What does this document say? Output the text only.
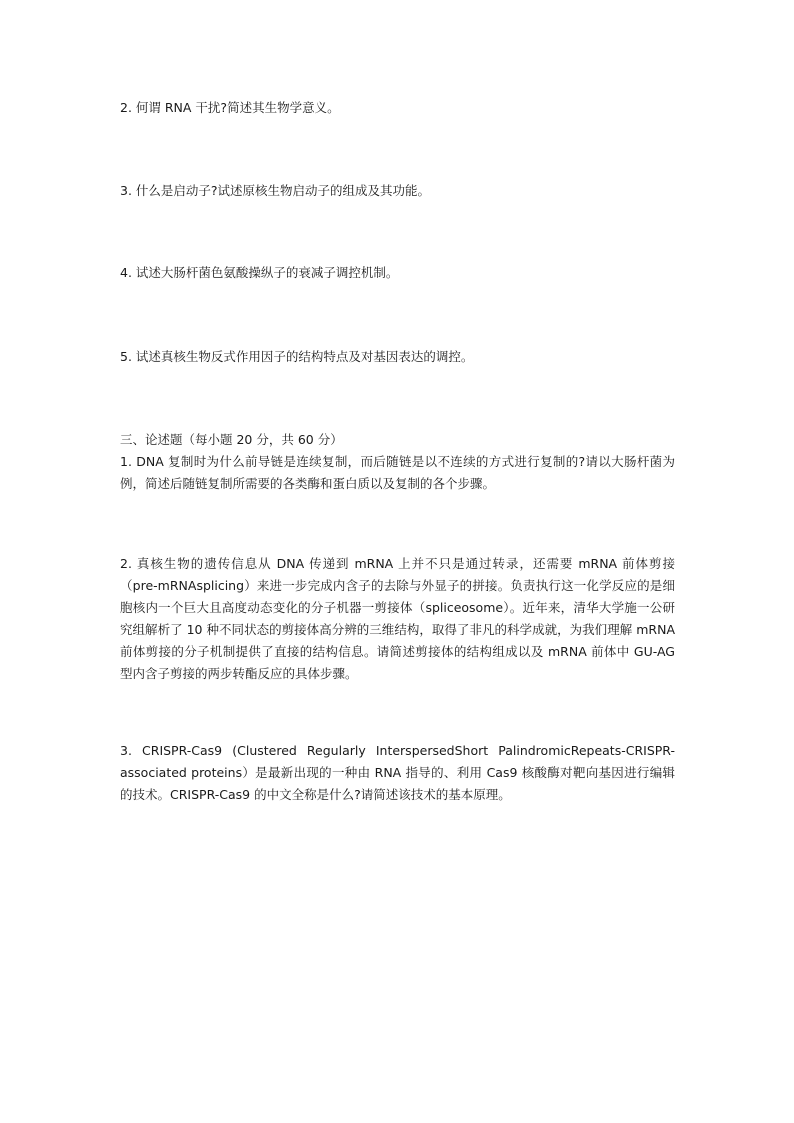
2. 何谓 RNA 干扰?简述其生物学意义。

3. 什么是启动子?试述原核生物启动子的组成及其功能。

4. 试述大肠杆菌色氨酸操纵子的衰减子调控机制。

5. 试述真核生物反式作用因子的结构特点及对基因表达的调控。

三、论述题（每小题 20 分，共 60 分）

1. DNA 复制时为什么前导链是连续复制，而后随链是以不连续的方式进行复制的?请以大肠杆菌为例，简述后随链复制所需要的各类酶和蛋白质以及复制的各个步骤。

2. 真核生物的遗传信息从 DNA 传递到 mRNA 上并不只是通过转录，还需要 mRNA 前体剪接（pre-mRNAsplicing）来进一步完成内含子的去除与外显子的拼接。负责执行这一化学反应的是细胞核内一个巨大且高度动态变化的分子机器一剪接体（spliceosome）。近年来，清华大学施一公研究组解析了 10 种不同状态的剪接体高分辨的三维结构，取得了非凡的科学成就，为我们理解 mRNA 前体剪接的分子机制提供了直接的结构信息。请简述剪接体的结构组成以及 mRNA 前体中 GU-AG 型内含子剪接的两步转酯反应的具体步骤。

3. CRISPR-Cas9 (Clustered Regularly InterspersedShort PalindromicRepeats-CRISPR-associated proteins）是最新出现的一种由 RNA 指导的、利用 Cas9 核酸酶对靶向基因进行编辑的技术。CRISPR-Cas9 的中文全称是什么?请简述该技术的基本原理。
